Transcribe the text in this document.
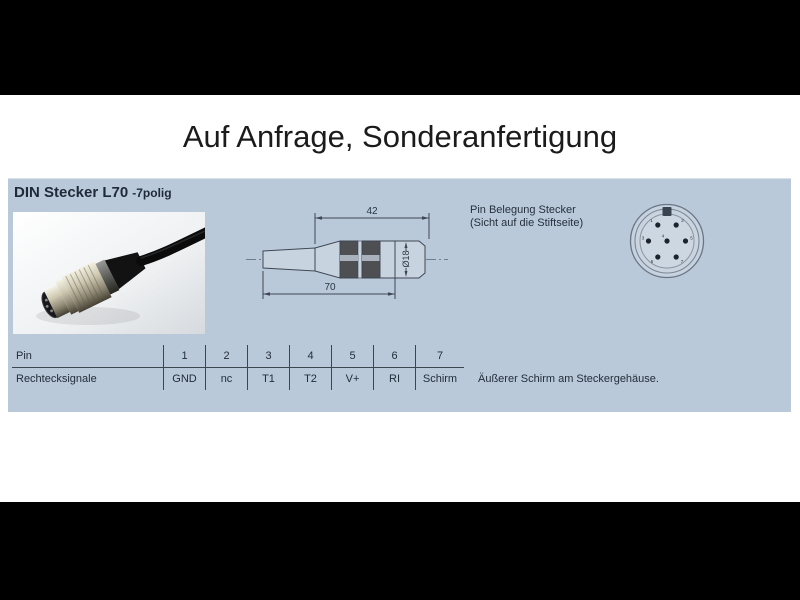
Auf Anfrage, Sonderanfertigung
DIN Stecker L70 -7polig
42
70
Ø18
Pin Belegung Stecker
(Sicht auf die Stiftseite)	1	2
3	4	5
6	7
Pin	1	2	3	4	5	6	7	
Rechtecksignale	GND	nc	T1	T2	V+	RI	Schirm	Äußerer Schirm am Steckergehäuse.
